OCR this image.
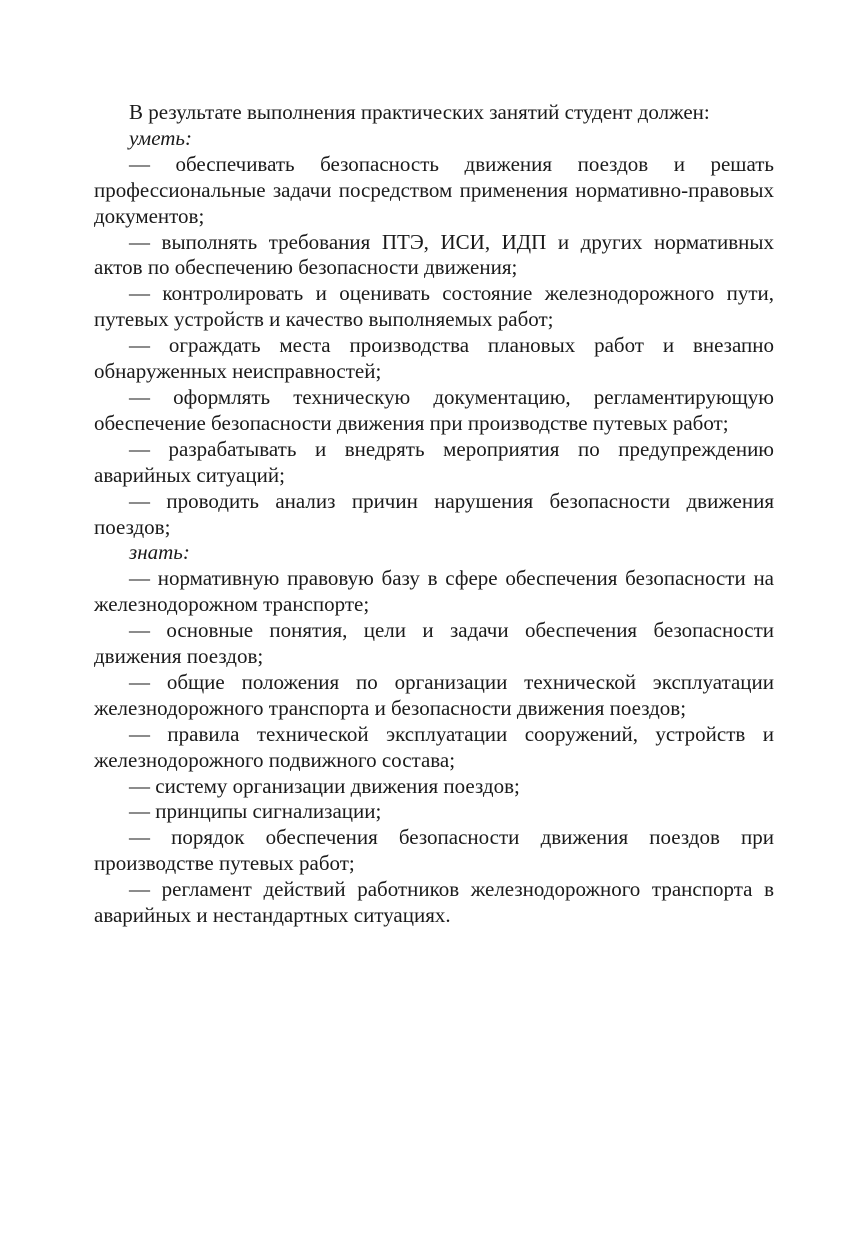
В результате выполнения практических занятий студент должен:

уметь:

— обеспечивать безопасность движения поездов и решать профессиональные задачи посредством применения нормативно-правовых документов;

— выполнять требования ПТЭ, ИСИ, ИДП и других нормативных актов по обеспечению безопасности движения;

— контролировать и оценивать состояние железнодорожного пути, путевых устройств и качество выполняемых работ;

— ограждать места производства плановых работ и внезапно обнаруженных неисправностей;

— оформлять техническую документацию, регламентирующую обеспечение безопасности движения при производстве путевых работ;

— разрабатывать и внедрять мероприятия по предупреждению аварийных ситуаций;

— проводить анализ причин нарушения безопасности движения поездов;

знать:

— нормативную правовую базу в сфере обеспечения безопасности на железнодорожном транспорте;

— основные понятия, цели и задачи обеспечения безопасности движения поездов;

— общие положения по организации технической эксплуатации железнодорожного транспорта и безопасности движения поездов;

— правила технической эксплуатации сооружений, устройств и железнодорожного подвижного состава;

— систему организации движения поездов;

— принципы сигнализации;

— порядок обеспечения безопасности движения поездов при производстве путевых работ;

— регламент действий работников железнодорожного транспорта в аварийных и нестандартных ситуациях.
